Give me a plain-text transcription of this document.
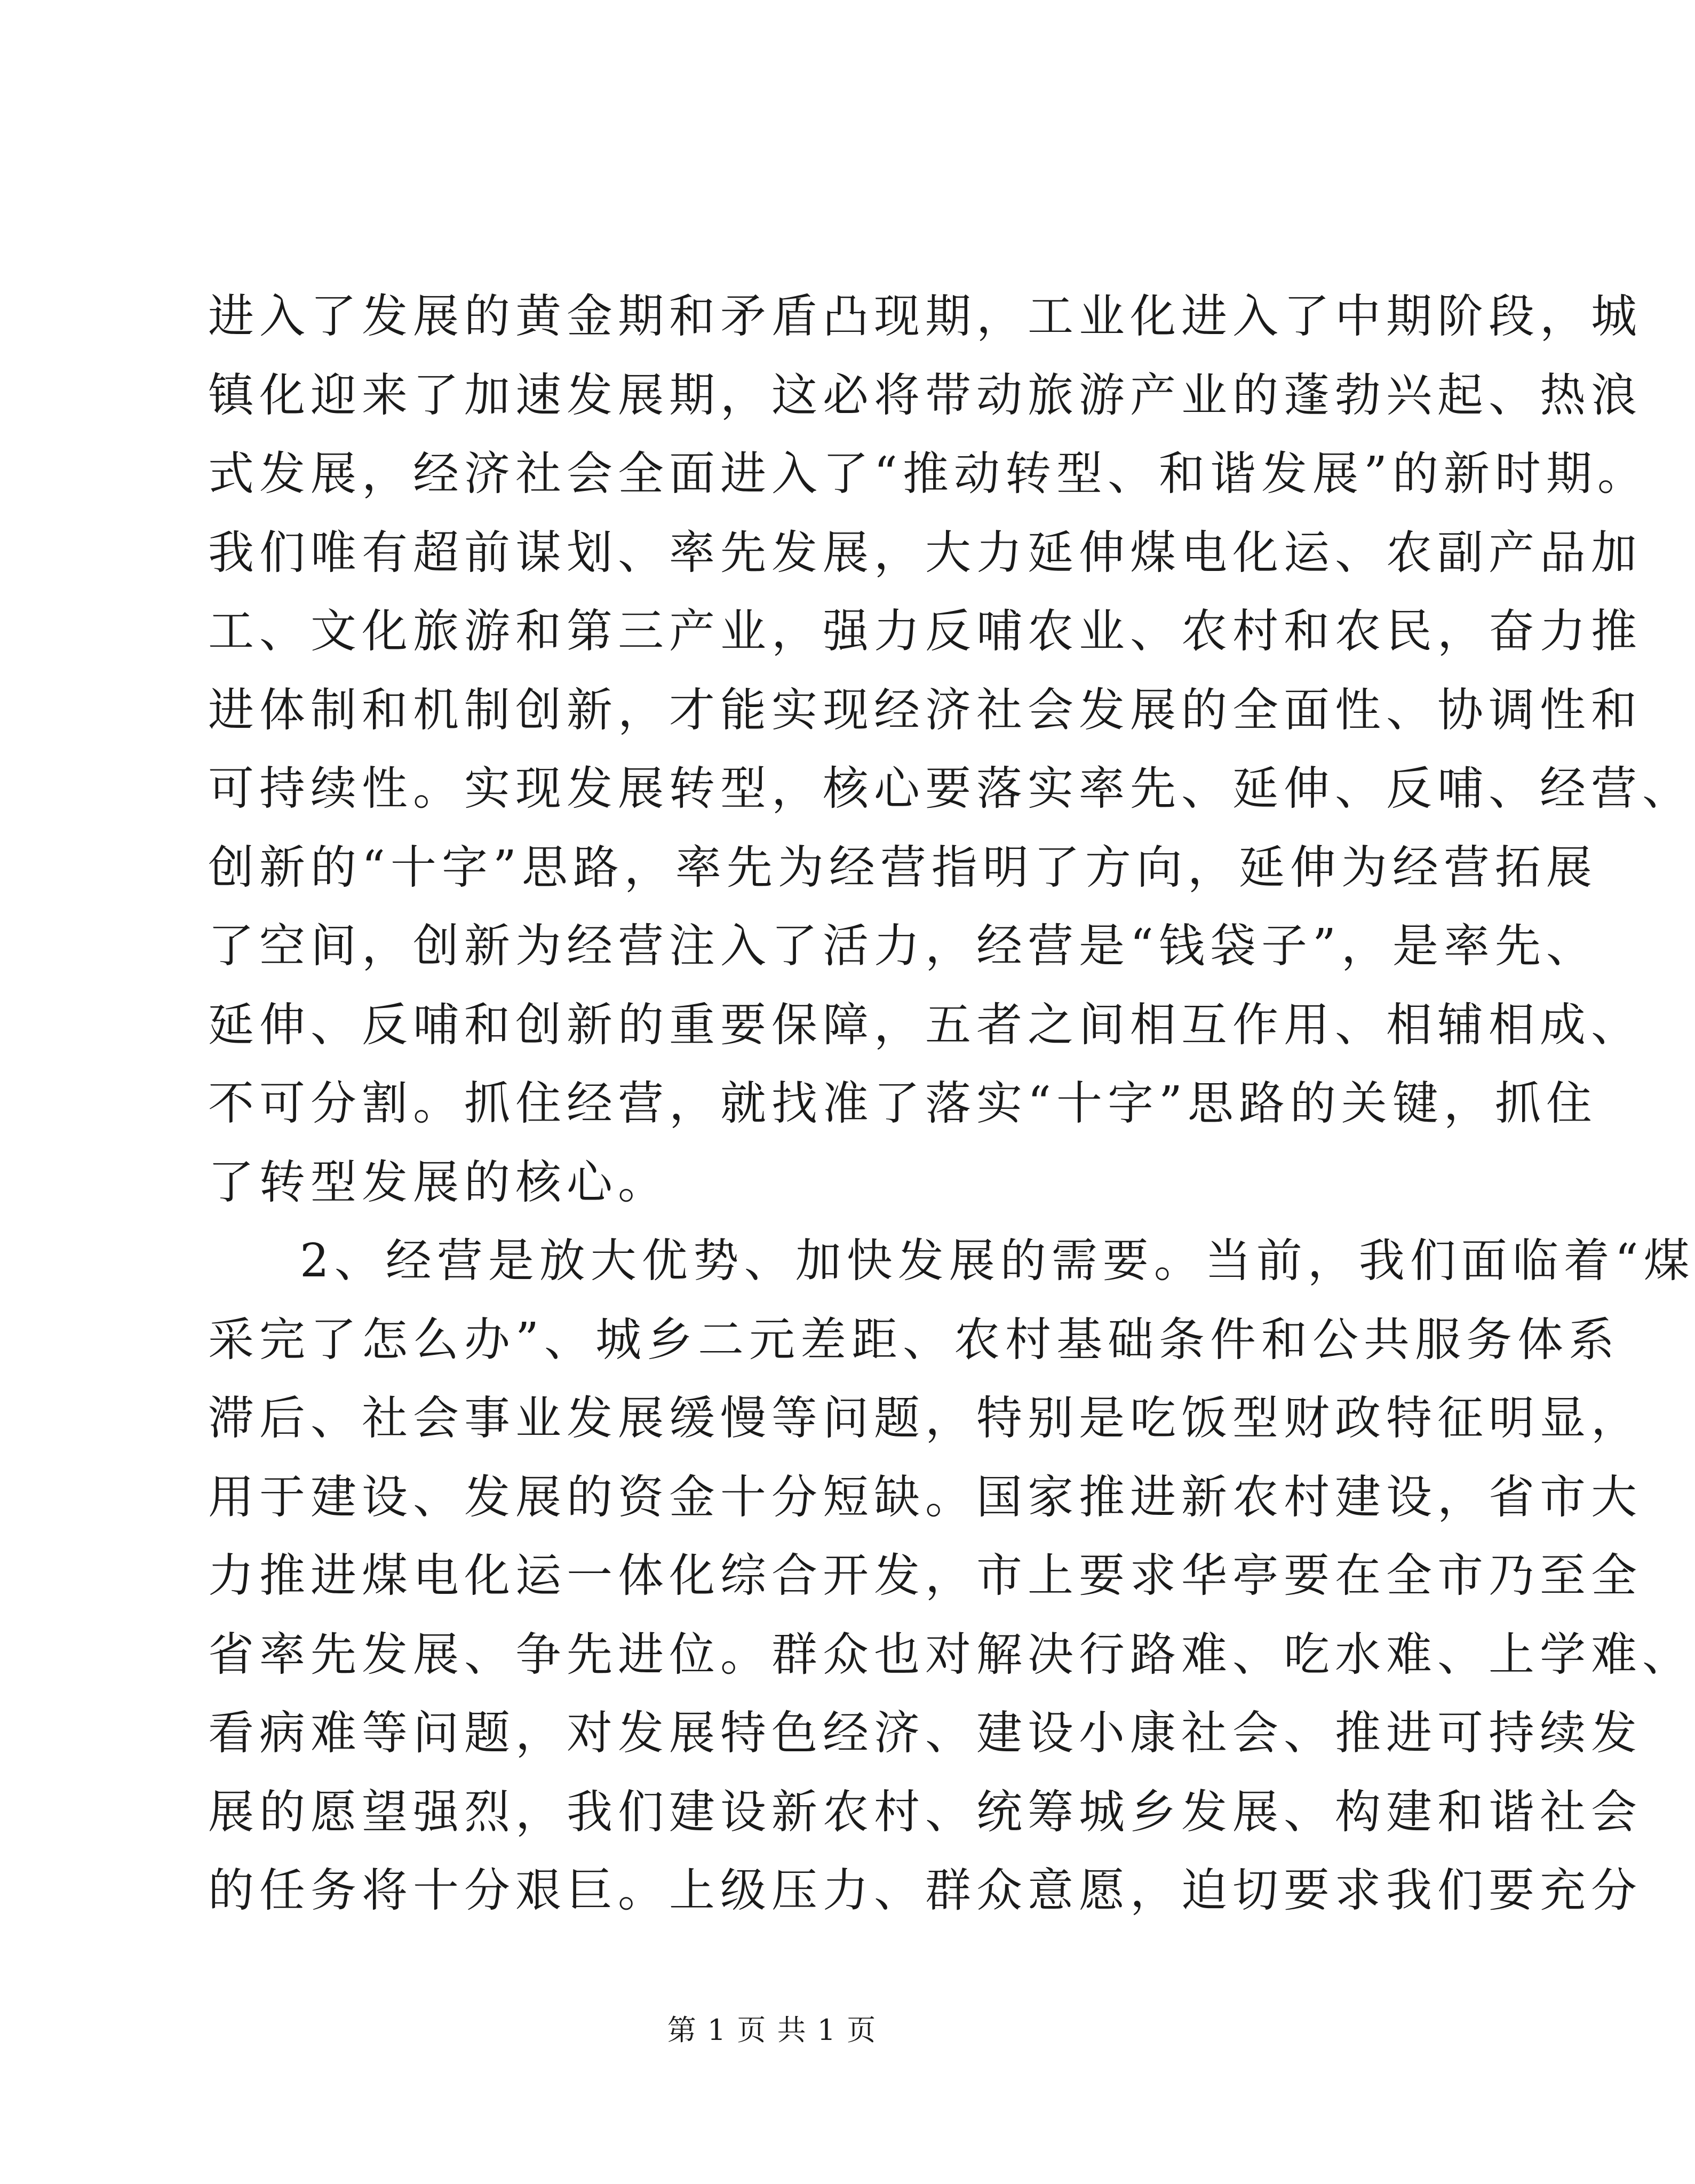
进入了发展的黄金期和矛盾凸现期，工业化进入了中期阶段，城
镇化迎来了加速发展期，这必将带动旅游产业的蓬勃兴起、热浪
式发展，经济社会全面进入了“推动转型、和谐发展”的新时期。
我们唯有超前谋划、率先发展，大力延伸煤电化运、农副产品加
工、文化旅游和第三产业，强力反哺农业、农村和农民，奋力推
进体制和机制创新，才能实现经济社会发展的全面性、协调性和
可持续性。实现发展转型，核心要落实率先、延伸、反哺、经营、
创新的“十字”思路，率先为经营指明了方向，延伸为经营拓展
了空间，创新为经营注入了活力，经营是“钱袋子”，是率先、
延伸、反哺和创新的重要保障，五者之间相互作用、相辅相成、
不可分割。抓住经营，就找准了落实“十字”思路的关键，抓住
了转型发展的核心。
2、经营是放大优势、加快发展的需要。当前，我们面临着“煤
采完了怎么办”、城乡二元差距、农村基础条件和公共服务体系
滞后、社会事业发展缓慢等问题，特别是吃饭型财政特征明显，
用于建设、发展的资金十分短缺。国家推进新农村建设，省市大
力推进煤电化运一体化综合开发，市上要求华亭要在全市乃至全
省率先发展、争先进位。群众也对解决行路难、吃水难、上学难、
看病难等问题，对发展特色经济、建设小康社会、推进可持续发
展的愿望强烈，我们建设新农村、统筹城乡发展、构建和谐社会
的任务将十分艰巨。上级压力、群众意愿，迫切要求我们要充分
第 1 页 共 1 页
